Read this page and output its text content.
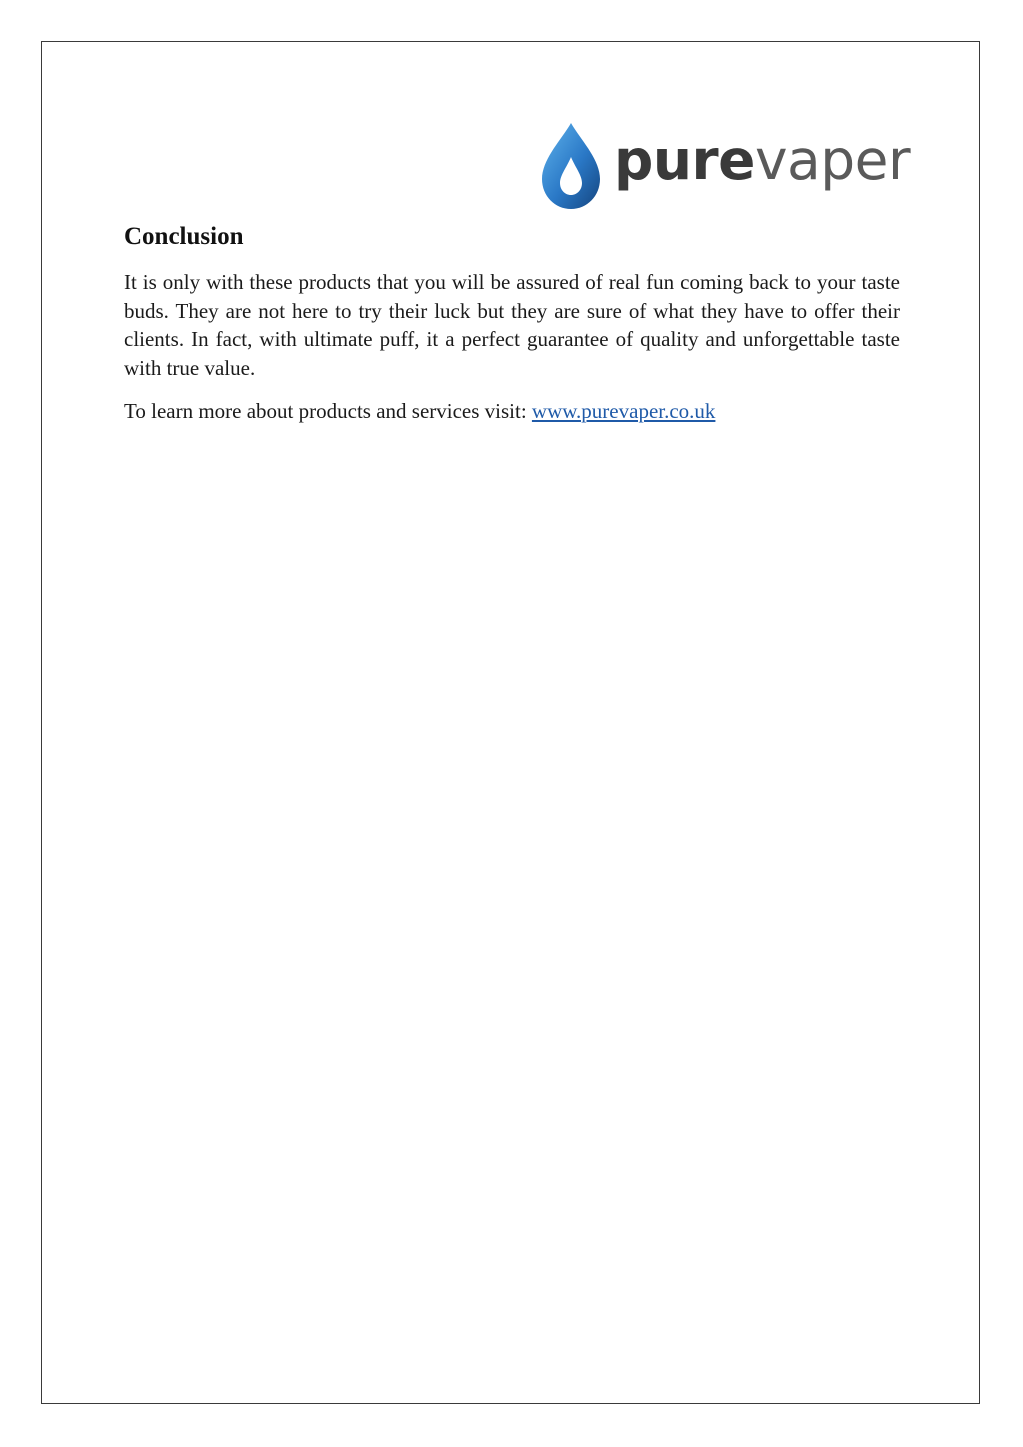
purevaper
Conclusion

It is only with these products that you will be assured of real fun coming back to your taste buds. They are not here to try their luck but they are sure of what they have to offer their clients. In fact, with ultimate puff, it a perfect guarantee of quality and unforgettable taste with true value.

To learn more about products and services visit: www.purevaper.co.uk
